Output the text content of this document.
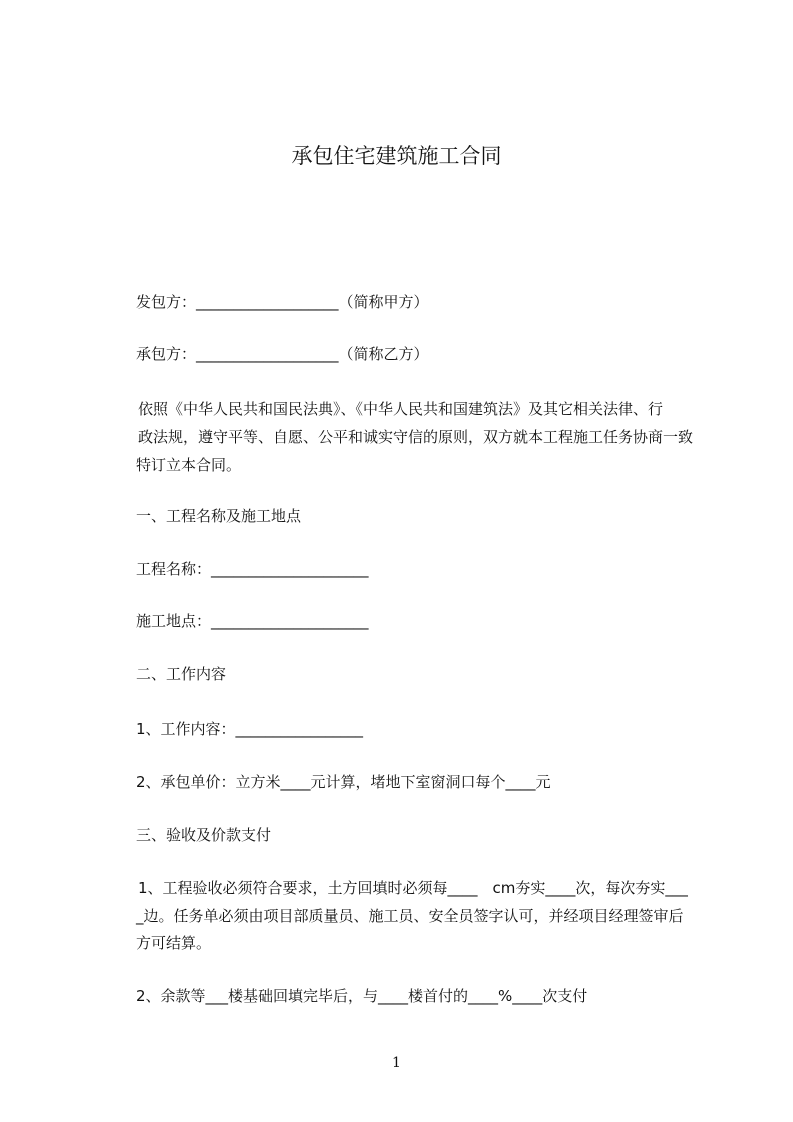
承包住宅建筑施工合同
发包方：___________________（简称甲方）
承包方：___________________（简称乙方）
依照《中华人民共和国民法典》、《中华人民共和国建筑法》及其它相关法律、行
政法规，遵守平等、自愿、公平和诚实守信的原则，双方就本工程施工任务协商一致
特订立本合同。
一、工程名称及施工地点
工程名称：_____________________
施工地点：_____________________
二、工作内容
1、工作内容：_________________
2、承包单价：立方米____元计算，堵地下室窗洞口每个____元
三、验收及价款支付
1、工程验收必须符合要求，土方回填时必须每____　cm夯实____次，每次夯实___
_边。任务单必须由项目部质量员、施工员、安全员签字认可，并经项目经理签审后
方可结算。
2、余款等___楼基础回填完毕后，与____楼首付的____%____次支付
1
